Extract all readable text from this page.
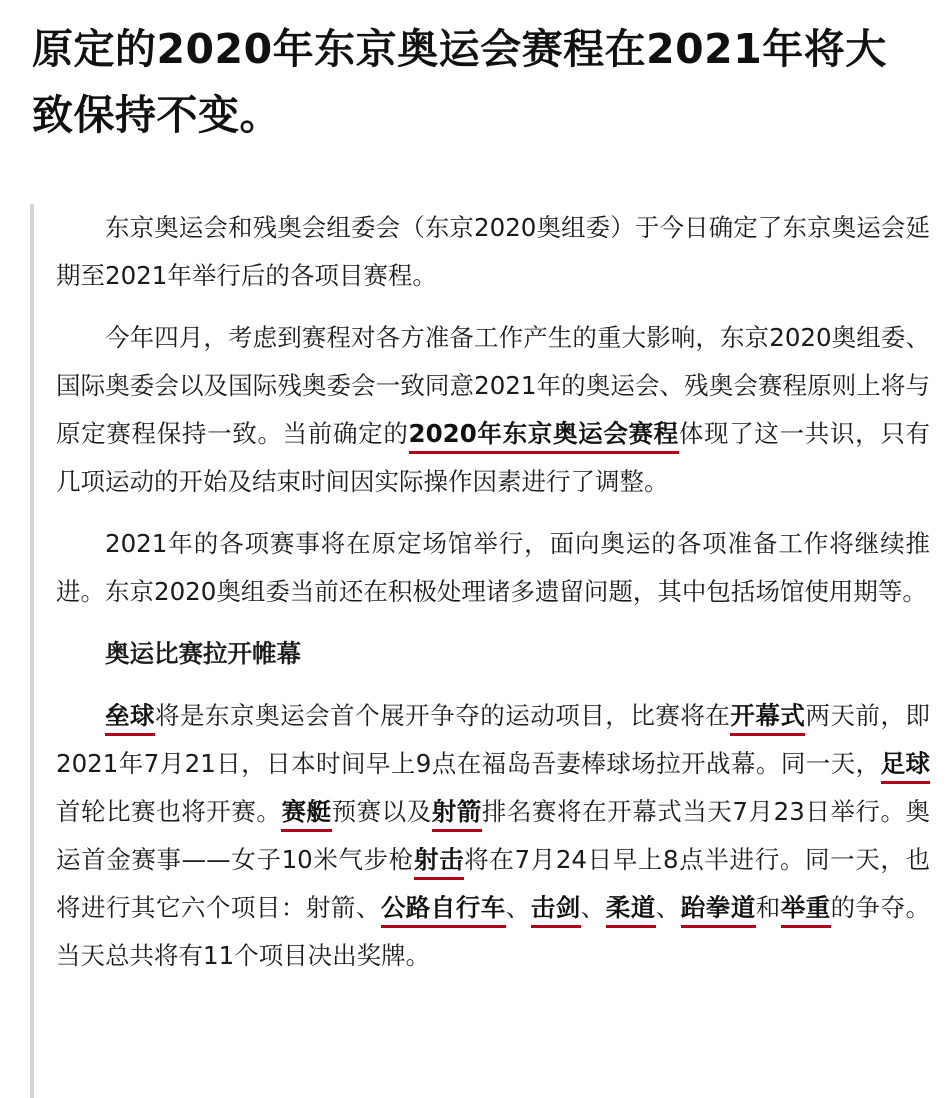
原定的2020年东京奥运会赛程在2021年将大致保持不变。

东京奥运会和残奥会组委会（东京2020奥组委）于今日确定了东京奥运会延期至2021年举行后的各项目赛程。

今年四月，考虑到赛程对各方准备工作产生的重大影响，东京2020奥组委、国际奥委会以及国际残奥委会一致同意2021年的奥运会、残奥会赛程原则上将与原定赛程保持一致。当前确定的2020年东京奥运会赛程体现了这一共识，只有几项运动的开始及结束时间因实际操作因素进行了调整。

2021年的各项赛事将在原定场馆举行，面向奥运的各项准备工作将继续推进。东京2020奥组委当前还在积极处理诸多遗留问题，其中包括场馆使用期等。

奥运比赛拉开帷幕

垒球将是东京奥运会首个展开争夺的运动项目，比赛将在开幕式两天前，即2021年7月21日，日本时间早上9点在福岛吾妻棒球场拉开战幕。同一天，足球首轮比赛也将开赛。赛艇预赛以及射箭排名赛将在开幕式当天7月23日举行。奥运首金赛事——女子10米气步枪射击将在7月24日早上8点半进行。同一天，也将进行其它六个项目：射箭、公路自行车、击剑、柔道、跆拳道和举重的争夺。当天总共将有11个项目决出奖牌。
